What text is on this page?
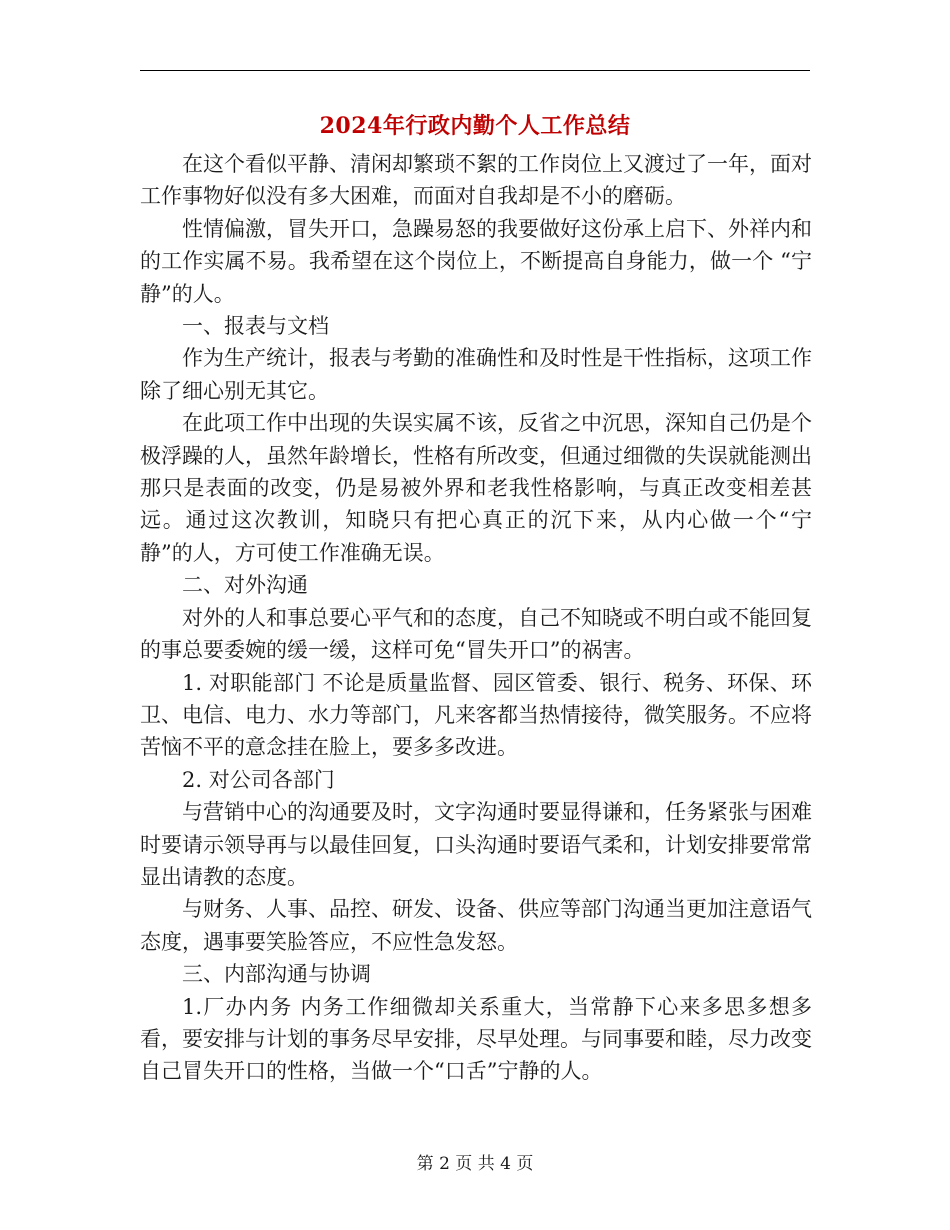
2024年行政内勤个人工作总结

在这个看似平静、清闲却繁琐不絮的工作岗位上又渡过了一年，面对工作事物好似没有多大困难，而面对自我却是不小的磨砺。

性情偏激，冒失开口，急躁易怒的我要做好这份承上启下、外祥内和的工作实属不易。我希望在这个岗位上，不断提高自身能力，做一个 “宁静”的人。

一、报表与文档

作为生产统计，报表与考勤的准确性和及时性是干性指标，这项工作除了细心别无其它。

在此项工作中出现的失误实属不该，反省之中沉思，深知自己仍是个极浮躁的人，虽然年龄增长，性格有所改变，但通过细微的失误就能测出那只是表面的改变，仍是易被外界和老我性格影响，与真正改变相差甚远。通过这次教训，知晓只有把心真正的沉下来，从内心做一个“宁静”的人，方可使工作准确无误。

二、对外沟通

对外的人和事总要心平气和的态度，自己不知晓或不明白或不能回复的事总要委婉的缓一缓，这样可免“冒失开口”的祸害。

1. 对职能部门 不论是质量监督、园区管委、银行、税务、环保、环卫、电信、电力、水力等部门，凡来客都当热情接待，微笑服务。不应将苦恼不平的意念挂在脸上，要多多改进。

2. 对公司各部门

与营销中心的沟通要及时，文字沟通时要显得谦和，任务紧张与困难时要请示领导再与以最佳回复，口头沟通时要语气柔和，计划安排要常常显出请教的态度。

与财务、人事、品控、研发、设备、供应等部门沟通当更加注意语气态度，遇事要笑脸答应，不应性急发怒。

三、内部沟通与协调

1.厂办内务 内务工作细微却关系重大，当常静下心来多思多想多看，要安排与计划的事务尽早安排，尽早处理。与同事要和睦，尽力改变自己冒失开口的性格，当做一个“口舌”宁静的人。

第 2 页 共 4 页
